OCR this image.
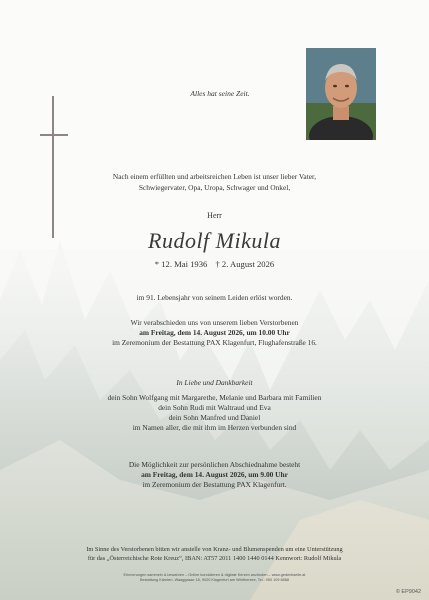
Alles hat seine Zeit.
Nach einem erfüllten und arbeitsreichen Leben ist unser lieber Vater,
Schwiegervater, Opa, Uropa, Schwager und Onkel,
Herr
Rudolf Mikula
* 12. Mai 1936 † 2. August 2026
im 91. Lebensjahr von seinem Leiden erlöst worden.
Wir verabschieden uns von unserem lieben Verstorbenen
am Freitag, dem 14. August 2026, um 10.00 Uhr
im Zeremonium der Bestattung PAX Klagenfurt, Flughafenstraße 16.
In Liebe und Dankbarkeit
dein Sohn Wolfgang mit Margarethe, Melanie und Barbara mit Familien
dein Sohn Rudi mit Waltraud und Eva
dein Sohn Manfred und Daniel
im Namen aller, die mit ihm im Herzen verbunden sind
Die Möglichkeit zur persönlichen Abschiednahme besteht
am Freitag, dem 14. August 2026, um 9.00 Uhr
im Zeremonium der Bestattung PAX Klagenfurt.
Im Sinne des Verstorbenen bitten wir anstelle von Kranz- und Blumenspenden um eine Unterstützung
für das „Österreichische Rote Kreuz“, IBAN: AT57 2011 1400 1440 0144 Kennwort: Rudolf Mikula
Erinnerungen sammeln & bewahren – Online kondolieren & digitale Kerzen anzünden – www.gedenkseite.at
Bestattung Kärnten, Waaggasse 18, 9020 Klagenfurt am Wörthersee, Tel.: 050 109 8888
© EP9042
